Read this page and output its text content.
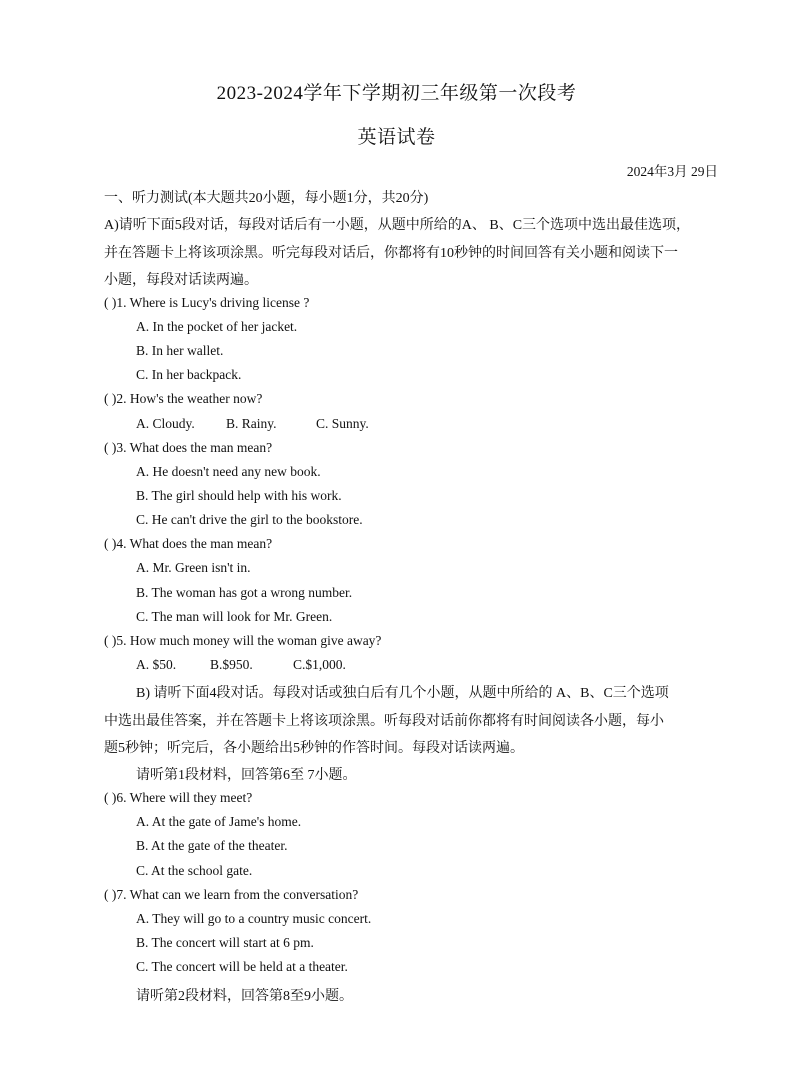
2023-2024学年下学期初三年级第一次段考
英语试卷
2024年3月 29日
一、听力测试(本大题共20小题，每小题1分，共20分)
A)请听下面5段对话，每段对话后有一小题，从题中所给的A、 B、C三个选项中选出最佳选项，
并在答题卡上将该项涂黑。听完每段对话后，你都将有10秒钟的时间回答有关小题和阅读下一
小题，每段对话读两遍。
( )1. Where is Lucy's driving license ?
A. In the pocket of her jacket.
B. In her wallet.
C. In her backpack.
( )2. How's the weather now?
A. Cloudy. B. Rainy.	C. Sunny.
( )3. What does the man mean?
A. He doesn't need any new book.
B. The girl should help with his work.
C. He can't drive the girl to the bookstore.
( )4. What does the man mean?
A. Mr. Green isn't in.
B. The woman has got a wrong number.
C. The man will look for Mr. Green.
( )5. How much money will the woman give away?
A. $50.	B.$950.	C.$1,000.
B) 请听下面4段对话。每段对话或独白后有几个小题，从题中所给的 A、B、C三个选项
中选出最佳答案，并在答题卡上将该项涂黑。听每段对话前你都将有时间阅读各小题，每小
题5秒钟；听完后，各小题给出5秒钟的作答时间。每段对话读两遍。
请听第1段材料，回答第6至 7小题。
( )6. Where will they meet?
A. At the gate of Jame's home.
B. At the gate of the theater.
C. At the school gate.
( )7. What can we learn from the conversation?
A. They will go to a country music concert.
B. The concert will start at 6 pm.
C. The concert will be held at a theater.
请听第2段材料，回答第8至9小题。
